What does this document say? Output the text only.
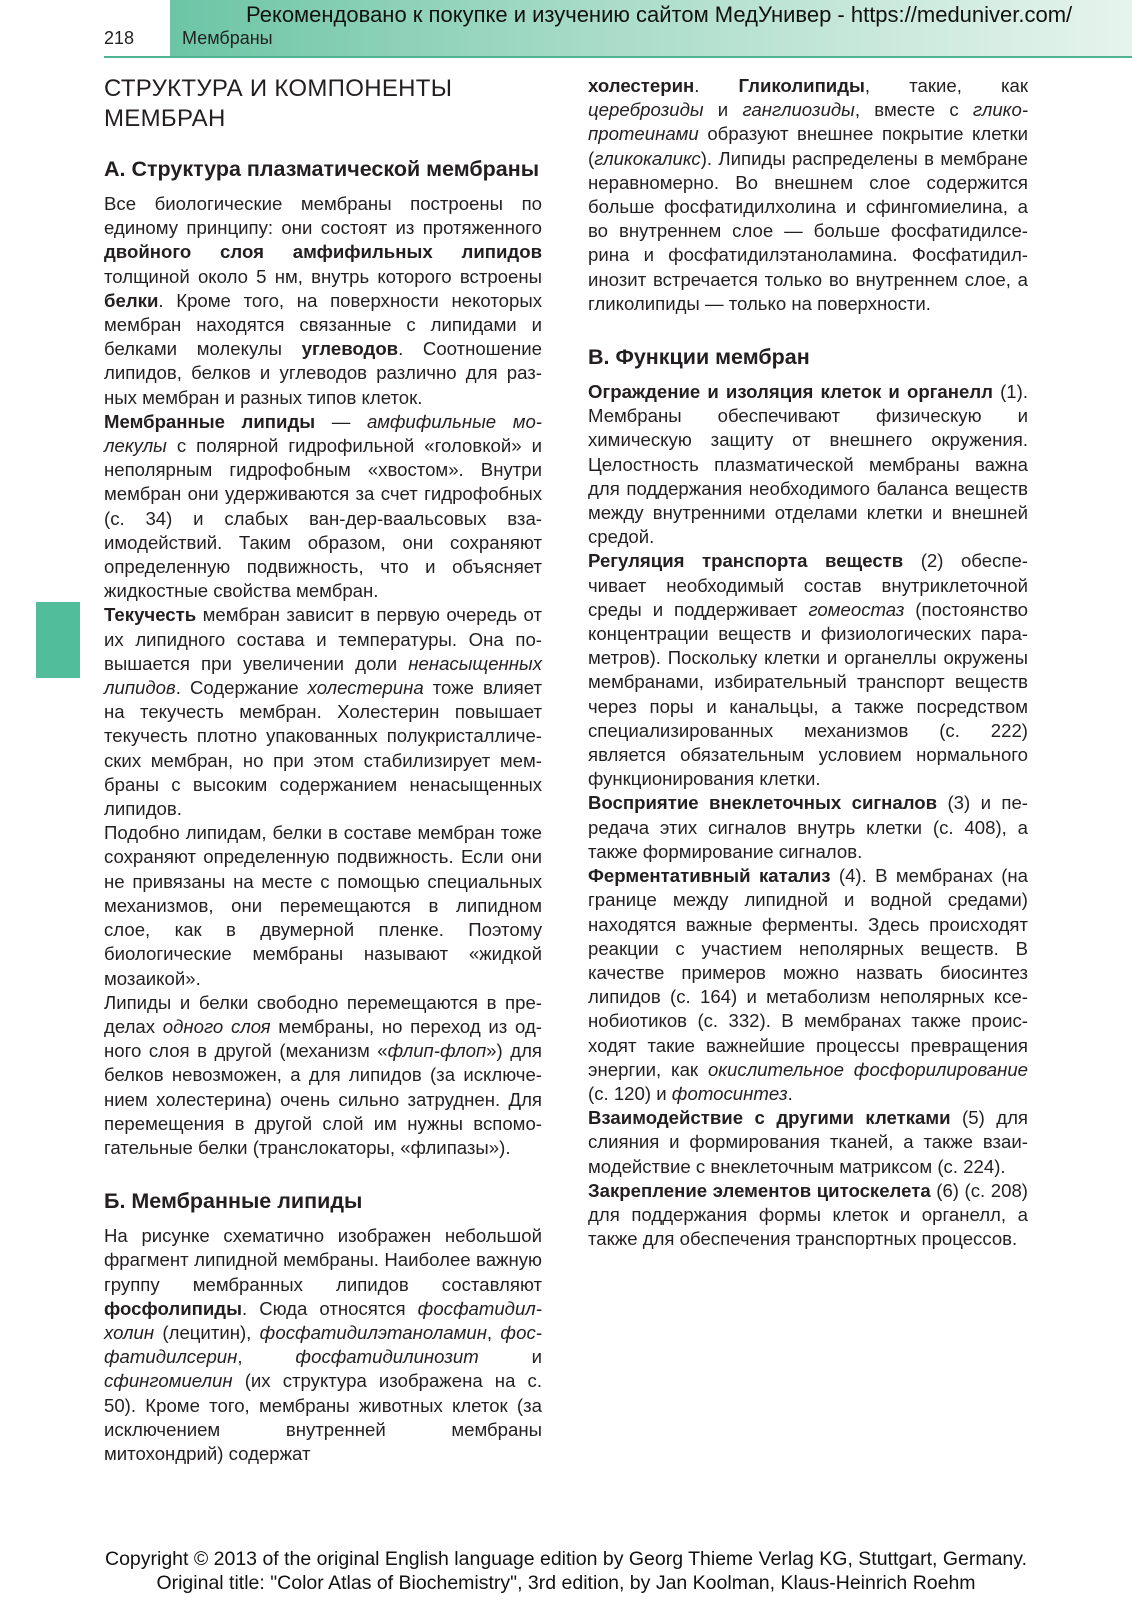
Рекомендовано к покупке и изучению сайтом МедУнивер - https://meduniver.com/
218	Мембраны
СТРУКТУРА И КОМПОНЕНТЫ МЕМБРАН
А. Структура плазматической мембраны

Все биологические мембраны построены по единому принципу: они состоят из протяженного двойного слоя амфифильных липидов толщиной около 5 нм, внутрь которого встроены белки. Кроме того, на поверхности некоторых мембран находятся связанные с липидами и белками молекулы углеводов. Соотношение липидов, белков и углеводов различно для разных мембран и разных типов клеток.

Мембранные липиды — амфифильные молекулы с полярной гидрофильной «головкой» и неполярным гидрофобным «хвостом». Внутри мембран они удерживаются за счет гидрофобных (с. 34) и слабых ван-дер-ваальсовых взаимодействий. Таким образом, они сохраняют определенную подвижность, что и объясняет жидкостные свойства мембран.

Текучесть мембран зависит в первую очередь от их липидного состава и температуры. Она повышается при увеличении доли ненасыщенных липидов. Содержание холестерина тоже влияет на текучесть мембран. Холестерин повышает текучесть плотно упакованных полукристаллических мембран, но при этом стабилизирует мембраны с высоким содержанием ненасыщенных липидов.

Подобно липидам, белки в составе мембран тоже сохраняют определенную подвижность. Если они не привязаны на месте с помощью специальных механизмов, они перемещаются в липидном слое, как в двумерной пленке. Поэтому биологические мембраны называют «жидкой мозаикой».

Липиды и белки свободно перемещаются в пределах одного слоя мембраны, но переход из одного слоя в другой (механизм «флип-флоп») для белков невозможен, а для липидов (за исключением холестерина) очень сильно затруднен. Для перемещения в другой слой им нужны вспомогательные белки (транслокаторы, «флипазы»).

Б. Мембранные липиды

На рисунке схематично изображен небольшой фрагмент липидной мембраны. Наиболее важную группу мембранных липидов составляют фосфолипиды. Сюда относятся фосфатидилхолин (лецитин), фосфатидилэтаноламин, фосфатидилсерин, фосфатидилинозит и сфингомиелин (их структура изображена на с. 50). Кроме того, мембраны животных клеток (за исключением внутренней мембраны митохондрий) содержат

холестерин. Гликолипиды, такие, как цереброзиды и ганглиозиды, вместе с гликопротеинами образуют внешнее покрытие клетки (гликокаликс). Липиды распределены в мембране неравномерно. Во внешнем слое содержится больше фосфатидилхолина и сфингомиелина, а во внутреннем слое — больше фосфатидилсерина и фосфатидилэтаноламина. Фосфатидилинозит встречается только во внутреннем слое, а гликолипиды — только на поверхности.

В. Функции мембран

Ограждение и изоляция клеток и органелл (1). Мембраны обеспечивают физическую и химическую защиту от внешнего окружения. Целостность плазматической мембраны важна для поддержания необходимого баланса веществ между внутренними отделами клетки и внешней средой.

Регуляция транспорта веществ (2) обеспечивает необходимый состав внутриклеточной среды и поддерживает гомеостаз (постоянство концентрации веществ и физиологических параметров). Поскольку клетки и органеллы окружены мембранами, избирательный транспорт веществ через поры и канальцы, а также посредством специализированных механизмов (с. 222) является обязательным условием нормального функционирования клетки.

Восприятие внеклеточных сигналов (3) и передача этих сигналов внутрь клетки (с. 408), а также формирование сигналов.

Ферментативный катализ (4). В мембранах (на границе между липидной и водной средами) находятся важные ферменты. Здесь происходят реакции с участием неполярных веществ. В качестве примеров можно назвать биосинтез липидов (с. 164) и метаболизм неполярных ксенобиотиков (с. 332). В мембранах также происходят такие важнейшие процессы превращения энергии, как окислительное фосфорилирование (с. 120) и фотосинтез.

Взаимодействие с другими клетками (5) для слияния и формирования тканей, а также взаимодействие с внеклеточным матриксом (с. 224).

Закрепление элементов цитоскелета (6) (с. 208) для поддержания формы клеток и органелл, а также для обеспечения транспортных процессов.

Copyright © 2013 of the original English language edition by Georg Thieme Verlag KG, Stuttgart, Germany.
Original title: "Color Atlas of Biochemistry", 3rd edition, by Jan Koolman, Klaus-Heinrich Roehm
